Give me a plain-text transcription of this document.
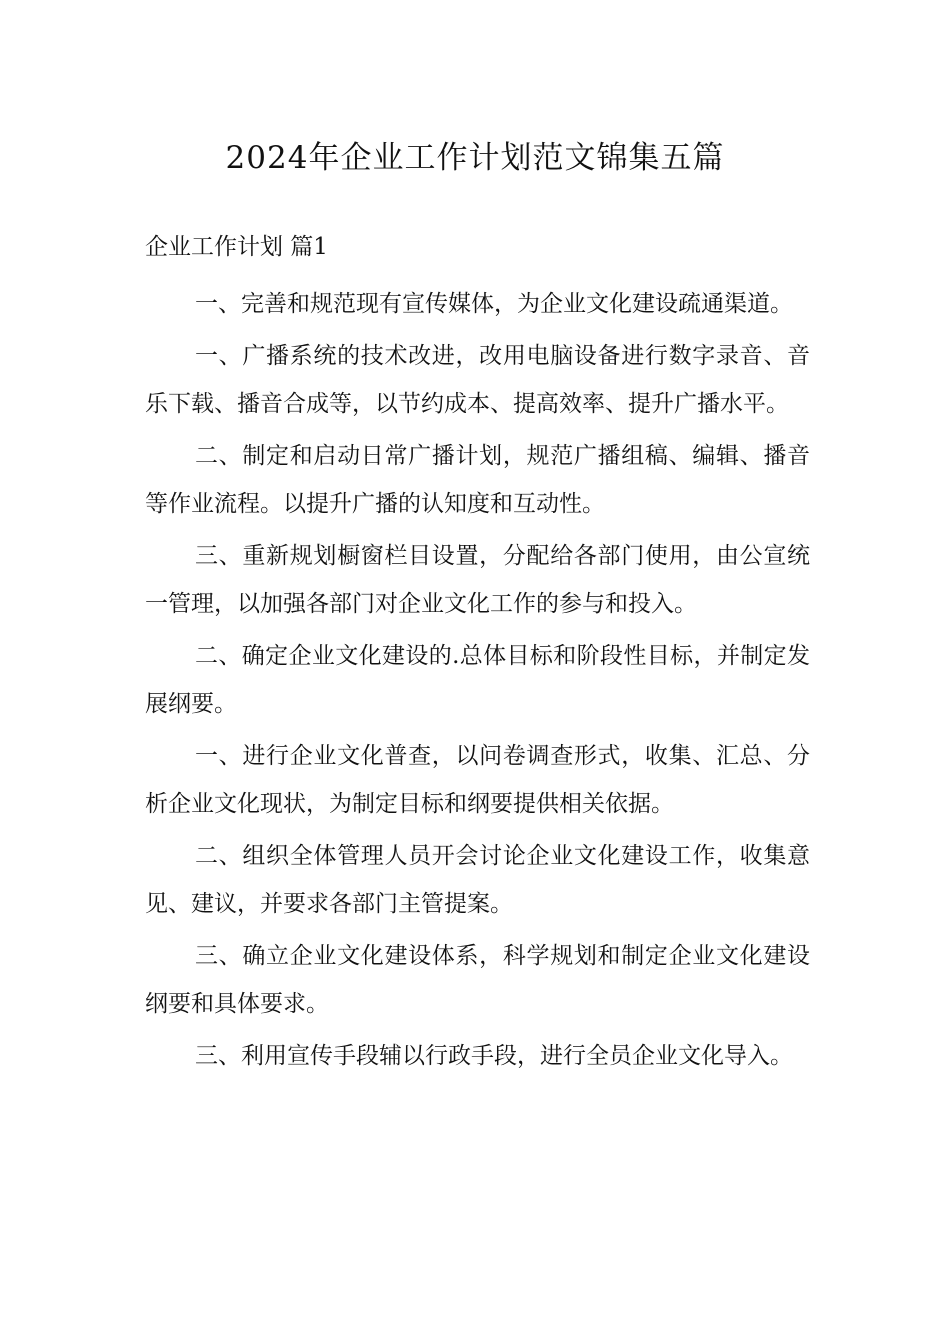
2024年企业工作计划范文锦集五篇
企业工作计划 篇1

一、完善和规范现有宣传媒体，为企业文化建设疏通渠道。

一、广播系统的技术改进，改用电脑设备进行数字录音、音乐下载、播音合成等，以节约成本、提高效率、提升广播水平。

二、制定和启动日常广播计划，规范广播组稿、编辑、播音等作业流程。以提升广播的认知度和互动性。

三、重新规划橱窗栏目设置，分配给各部门使用，由公宣统一管理，以加强各部门对企业文化工作的参与和投入。

二、确定企业文化建设的.总体目标和阶段性目标，并制定发展纲要。

一、进行企业文化普查，以问卷调查形式，收集、汇总、分析企业文化现状，为制定目标和纲要提供相关依据。

二、组织全体管理人员开会讨论企业文化建设工作，收集意见、建议，并要求各部门主管提案。

三、确立企业文化建设体系，科学规划和制定企业文化建设纲要和具体要求。

三、利用宣传手段辅以行政手段，进行全员企业文化导入。
